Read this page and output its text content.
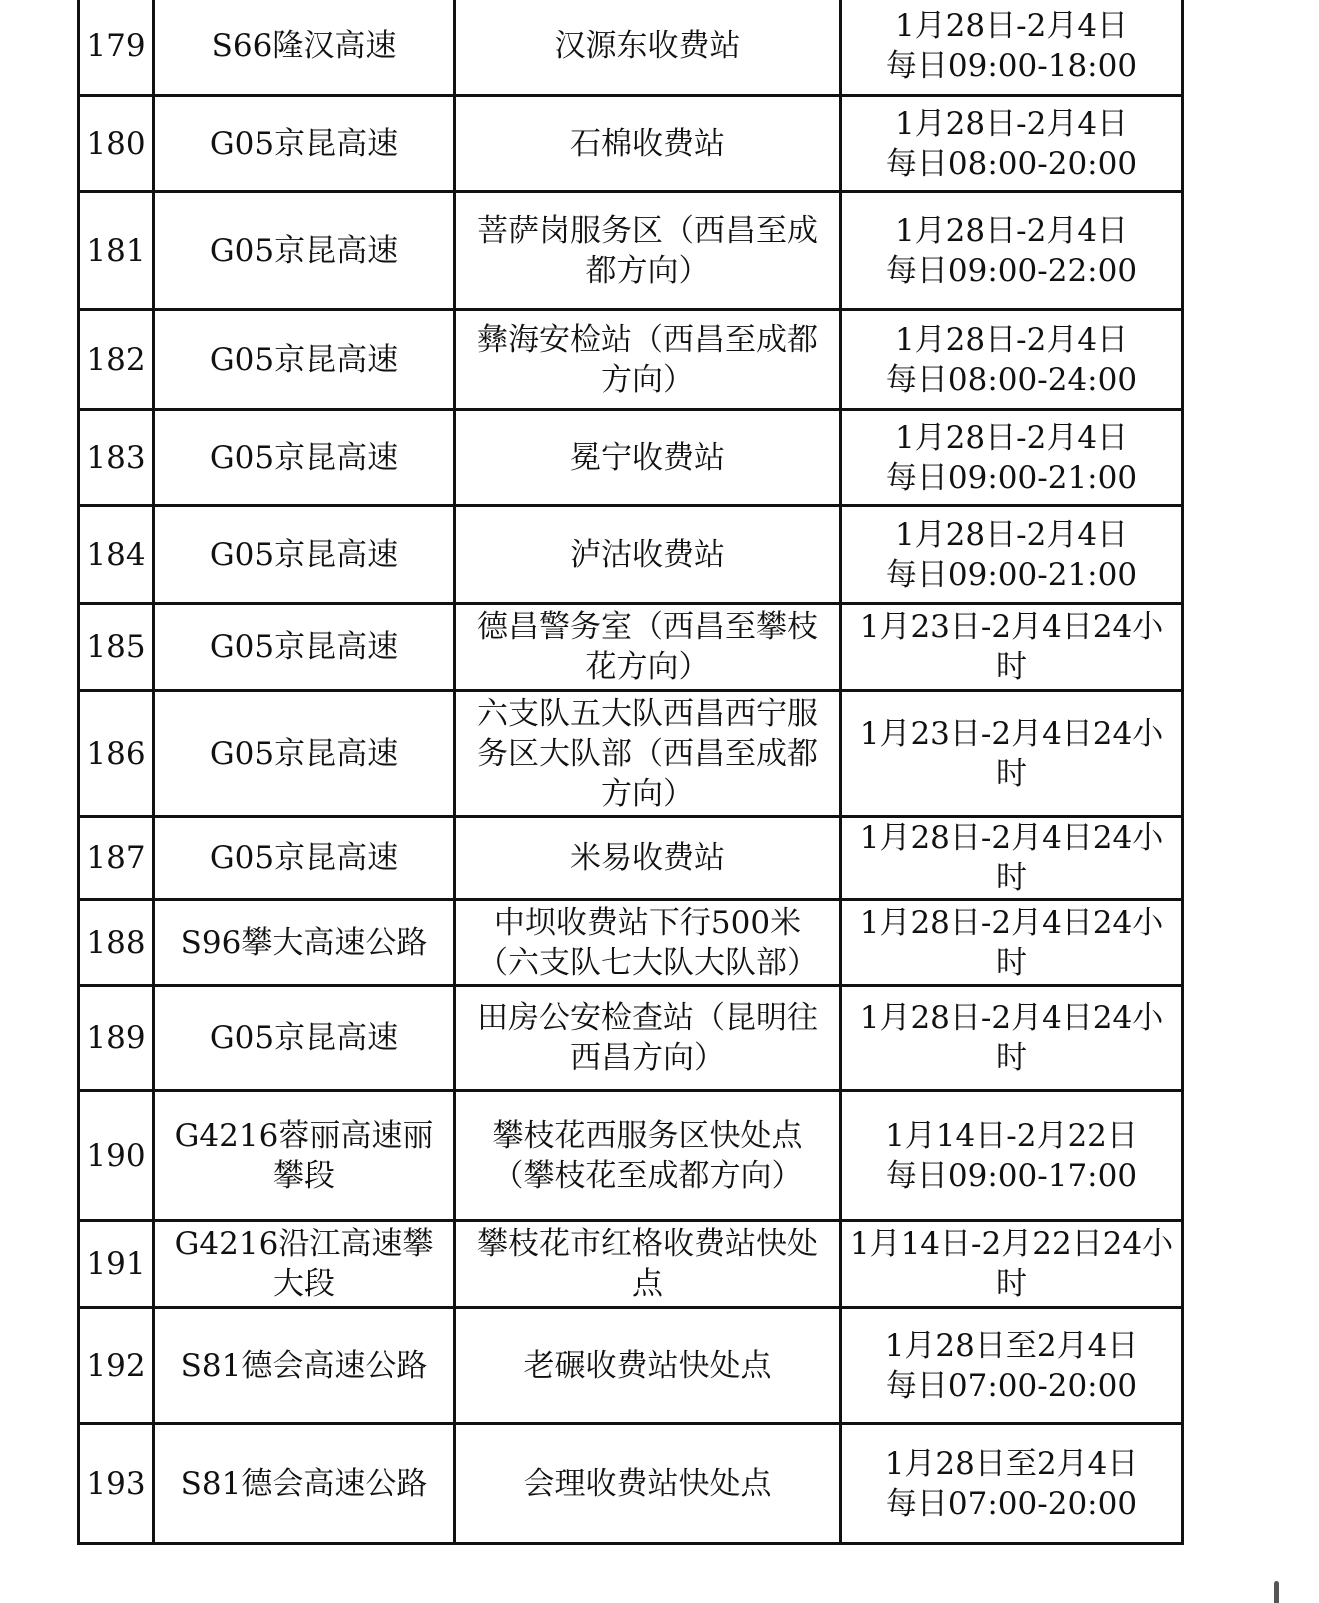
179	S66隆汉高速	汉源东收费站	1月28日-2月4日
每日09:00-18:00
180	G05京昆高速	石棉收费站	1月28日-2月4日
每日08:00-20:00
181	G05京昆高速	菩萨岗服务区（西昌至成
都方向）	1月28日-2月4日
每日09:00-22:00
182	G05京昆高速	彝海安检站（西昌至成都
方向）	1月28日-2月4日
每日08:00-24:00
183	G05京昆高速	冕宁收费站	1月28日-2月4日
每日09:00-21:00
184	G05京昆高速	泸沽收费站	1月28日-2月4日
每日09:00-21:00
185	G05京昆高速	德昌警务室（西昌至攀枝
花方向）	1月23日-2月4日24小时
186	G05京昆高速	六支队五大队西昌西宁服
务区大队部（西昌至成都
方向）	1月23日-2月4日24小时
187	G05京昆高速	米易收费站	1月28日-2月4日24小时
188	S96攀大高速公路	中坝收费站下行500米
（六支队七大队大队部）	1月28日-2月4日24小时
189	G05京昆高速	田房公安检查站（昆明往
西昌方向）	1月28日-2月4日24小时
190	G4216蓉丽高速丽
攀段	攀枝花西服务区快处点
（攀枝花至成都方向）	1月14日-2月22日
每日09:00-17:00
191	G4216沿江高速攀
大段	攀枝花市红格收费站快处
点	1月14日-2月22日24小
时
192	S81德会高速公路	老碾收费站快处点	1月28日至2月4日
每日07:00-20:00
193	S81德会高速公路	会理收费站快处点	1月28日至2月4日
每日07:00-20:00
